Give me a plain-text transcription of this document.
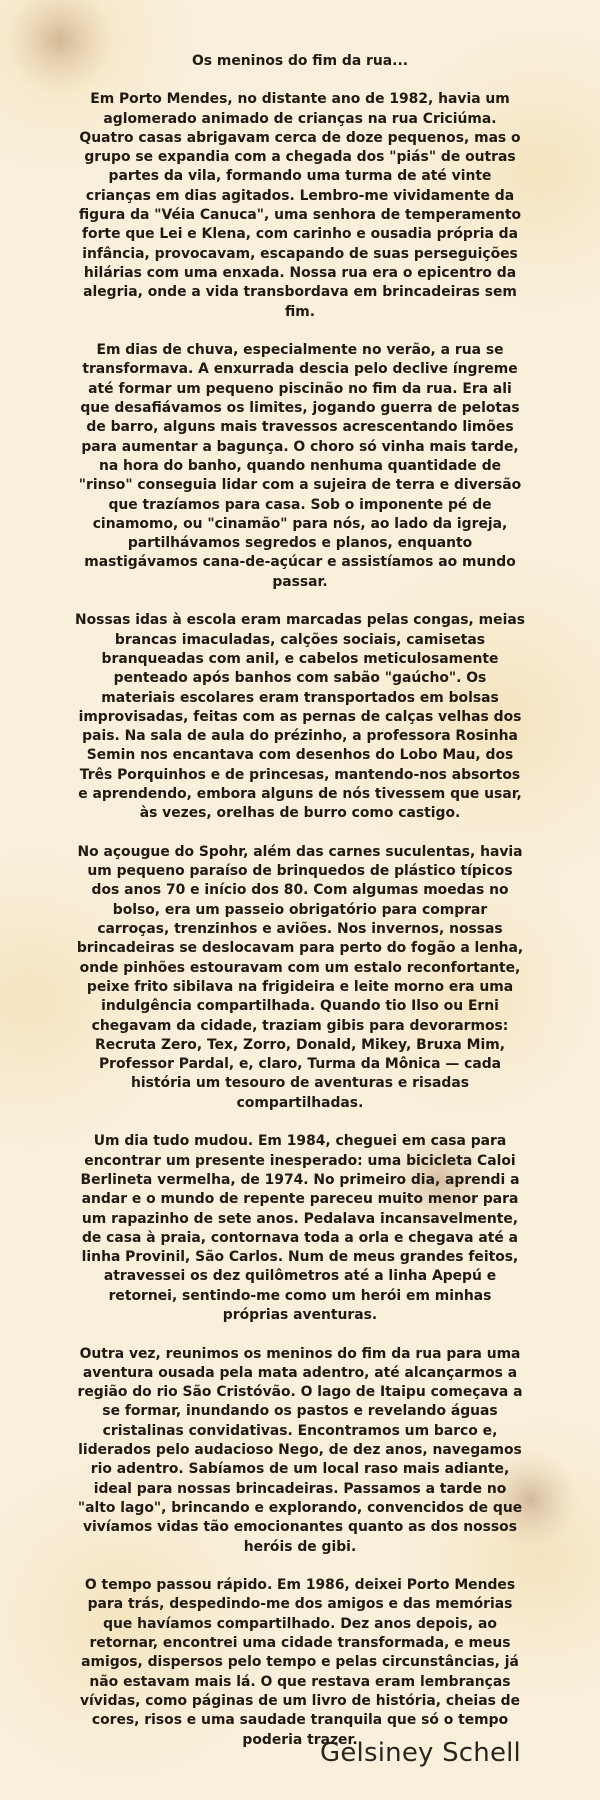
Os meninos do fim da rua...

Em Porto Mendes, no distante ano de 1982, havia um aglomerado animado de crianças na rua Criciúma. Quatro casas abrigavam cerca de doze pequenos, mas o grupo se expandia com a chegada dos "piás" de outras partes da vila, formando uma turma de até vinte crianças em dias agitados. Lembro-me vividamente da figura da "Véia Canuca", uma senhora de temperamento forte que Lei e Klena, com carinho e ousadia própria da infância, provocavam, escapando de suas perseguições hilárias com uma enxada. Nossa rua era o epicentro da alegria, onde a vida transbordava em brincadeiras sem fim.

Em dias de chuva, especialmente no verão, a rua se transformava. A enxurrada descia pelo declive íngreme até formar um pequeno piscinão no fim da rua. Era ali que desafiávamos os limites, jogando guerra de pelotas de barro, alguns mais travessos acrescentando limões para aumentar a bagunça. O choro só vinha mais tarde, na hora do banho, quando nenhuma quantidade de "rinso" conseguia lidar com a sujeira de terra e diversão que trazíamos para casa. Sob o imponente pé de cinamomo, ou "cinamão" para nós, ao lado da igreja, partilhávamos segredos e planos, enquanto mastigávamos cana-de-açúcar e assistíamos ao mundo passar.

Nossas idas à escola eram marcadas pelas congas, meias brancas imaculadas, calções sociais, camisetas branqueadas com anil, e cabelos meticulosamente penteado após banhos com sabão "gaúcho". Os materiais escolares eram transportados em bolsas improvisadas, feitas com as pernas de calças velhas dos pais. Na sala de aula do prézinho, a professora Rosinha Semin nos encantava com desenhos do Lobo Mau, dos Três Porquinhos e de princesas, mantendo-nos absortos e aprendendo, embora alguns de nós tivessem que usar, às vezes, orelhas de burro como castigo.

No açougue do Spohr, além das carnes suculentas, havia um pequeno paraíso de brinquedos de plástico típicos dos anos 70 e início dos 80. Com algumas moedas no bolso, era um passeio obrigatório para comprar carroças, trenzinhos e aviões. Nos invernos, nossas brincadeiras se deslocavam para perto do fogão a lenha, onde pinhões estouravam com um estalo reconfortante, peixe frito sibilava na frigideira e leite morno era uma indulgência compartilhada. Quando tio Ilso ou Erni chegavam da cidade, traziam gibis para devorarmos: Recruta Zero, Tex, Zorro, Donald, Mikey, Bruxa Mim, Professor Pardal, e, claro, Turma da Mônica — cada história um tesouro de aventuras e risadas compartilhadas.

Um dia tudo mudou. Em 1984, cheguei em casa para encontrar um presente inesperado: uma bicicleta Caloi Berlineta vermelha, de 1974. No primeiro dia, aprendi a andar e o mundo de repente pareceu muito menor para um rapazinho de sete anos. Pedalava incansavelmente, de casa à praia, contornava toda a orla e chegava até a linha Provinil, São Carlos. Num de meus grandes feitos, atravessei os dez quilômetros até a linha Apepú e retornei, sentindo-me como um herói em minhas próprias aventuras.

Outra vez, reunimos os meninos do fim da rua para uma aventura ousada pela mata adentro, até alcançarmos a região do rio São Cristóvão. O lago de Itaipu começava a se formar, inundando os pastos e revelando águas cristalinas convidativas. Encontramos um barco e, liderados pelo audacioso Nego, de dez anos, navegamos rio adentro. Sabíamos de um local raso mais adiante, ideal para nossas brincadeiras. Passamos a tarde no "alto lago", brincando e explorando, convencidos de que vivíamos vidas tão emocionantes quanto as dos nossos heróis de gibi.

O tempo passou rápido. Em 1986, deixei Porto Mendes para trás, despedindo-me dos amigos e das memórias que havíamos compartilhado. Dez anos depois, ao retornar, encontrei uma cidade transformada, e meus amigos, dispersos pelo tempo e pelas circunstâncias, já não estavam mais lá. O que restava eram lembranças vívidas, como páginas de um livro de história, cheias de cores, risos e uma saudade tranquila que só o tempo poderia trazer.

Gelsiney Schell
